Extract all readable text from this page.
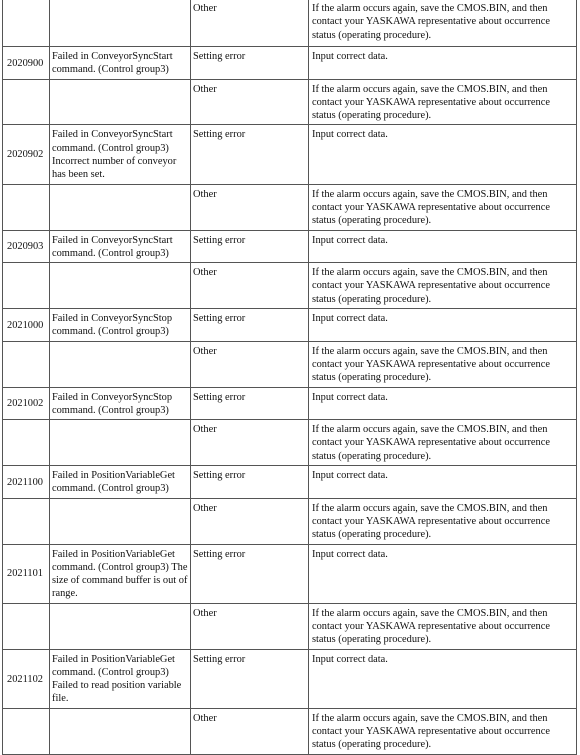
		Other	If the alarm occurs again, save the CMOS.BIN, and then contact your YASKAWA representative about occurrence status (operating procedure).
2020900	Failed in ConveyorSyncStart command. (Control group3)	Setting error	Input correct data.
		Other	If the alarm occurs again, save the CMOS.BIN, and then contact your YASKAWA representative about occurrence status (operating procedure).
2020902	Failed in ConveyorSyncStart command. (Control group3) Incorrect number of conveyor has been set.	Setting error	Input correct data.
		Other	If the alarm occurs again, save the CMOS.BIN, and then contact your YASKAWA representative about occurrence status (operating procedure).
2020903	Failed in ConveyorSyncStart command. (Control group3)	Setting error	Input correct data.
		Other	If the alarm occurs again, save the CMOS.BIN, and then contact your YASKAWA representative about occurrence status (operating procedure).
2021000	Failed in ConveyorSyncStop command. (Control group3)	Setting error	Input correct data.
		Other	If the alarm occurs again, save the CMOS.BIN, and then contact your YASKAWA representative about occurrence status (operating procedure).
2021002	Failed in ConveyorSyncStop command. (Control group3)	Setting error	Input correct data.
		Other	If the alarm occurs again, save the CMOS.BIN, and then contact your YASKAWA representative about occurrence status (operating procedure).
2021100	Failed in PositionVariableGet command. (Control group3)	Setting error	Input correct data.
		Other	If the alarm occurs again, save the CMOS.BIN, and then contact your YASKAWA representative about occurrence status (operating procedure).
2021101	Failed in PositionVariableGet command. (Control group3) The size of command buffer is out of range.	Setting error	Input correct data.
		Other	If the alarm occurs again, save the CMOS.BIN, and then contact your YASKAWA representative about occurrence status (operating procedure).
2021102	Failed in PositionVariableGet command. (Control group3) Failed to read position variable file.	Setting error	Input correct data.
		Other	If the alarm occurs again, save the CMOS.BIN, and then contact your YASKAWA representative about occurrence status (operating procedure).
